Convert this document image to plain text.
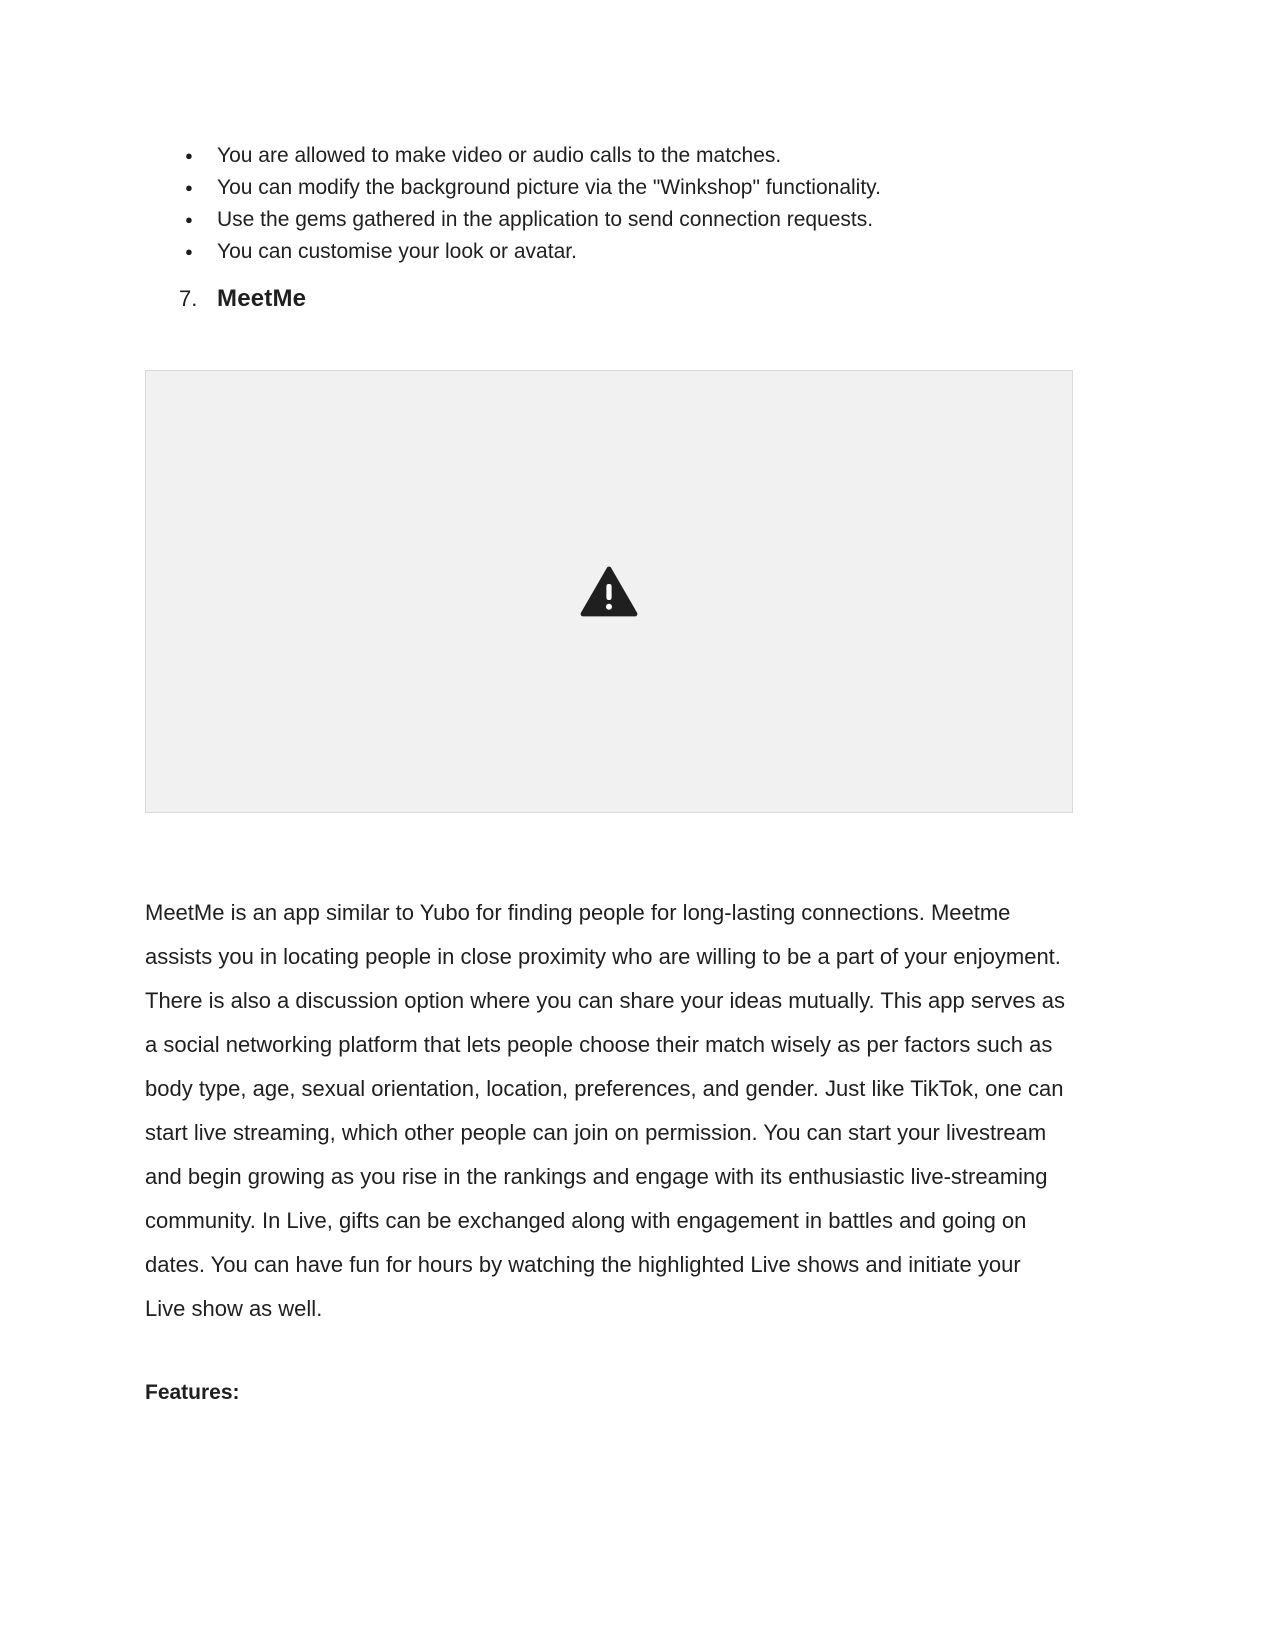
● You are allowed to make video or audio calls to the matches.
● You can modify the background picture via the "Winkshop" functionality.
● Use the gems gathered in the application to send connection requests.
● You can customise your look or avatar.
7. MeetMe

MeetMe is an app similar to Yubo for finding people for long-lasting connections. Meetme assists you in locating people in close proximity who are willing to be a part of your enjoyment. There is also a discussion option where you can share your ideas mutually. This app serves as a social networking platform that lets people choose their match wisely as per factors such as body type, age, sexual orientation, location, preferences, and gender. Just like TikTok, one can start live streaming, which other people can join on permission. You can start your livestream and begin growing as you rise in the rankings and engage with its enthusiastic live-streaming community. In Live, gifts can be exchanged along with engagement in battles and going on dates. You can have fun for hours by watching the highlighted Live shows and initiate your Live show as well.

Features:
